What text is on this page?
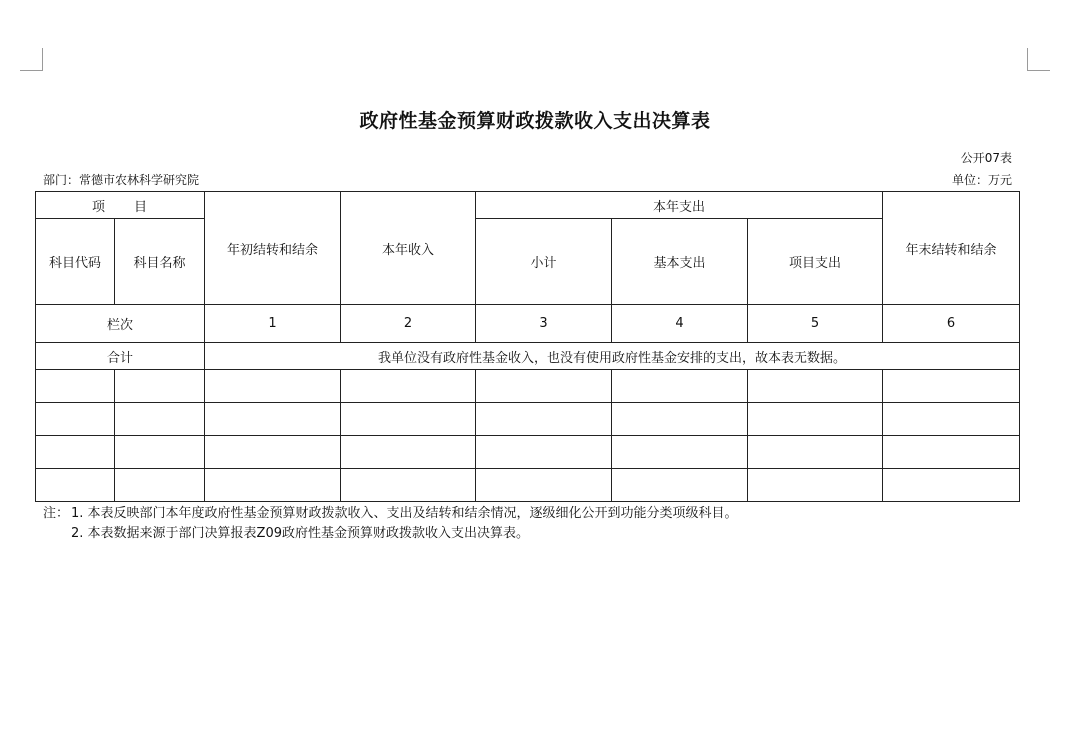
政府性基金预算财政拨款收入支出决算表
公开07表
部门：常德市农林科学研究院	单位：万元
项　　目		年初结转和结余	本年收入	本年支出			年末结转和结余
科目代码	科目名称			小计	基本支出	项目支出	
栏次		1	2	3	4	5	6
合计		我单位没有政府性基金收入，也没有使用政府性基金安排的支出，故本表无数据。					

注： 1. 本表反映部门本年度政府性基金预算财政拨款收入、支出及结转和结余情况，逐级细化公开到功能分类项级科目。
2. 本表数据来源于部门决算报表Z09政府性基金预算财政拨款收入支出决算表。
